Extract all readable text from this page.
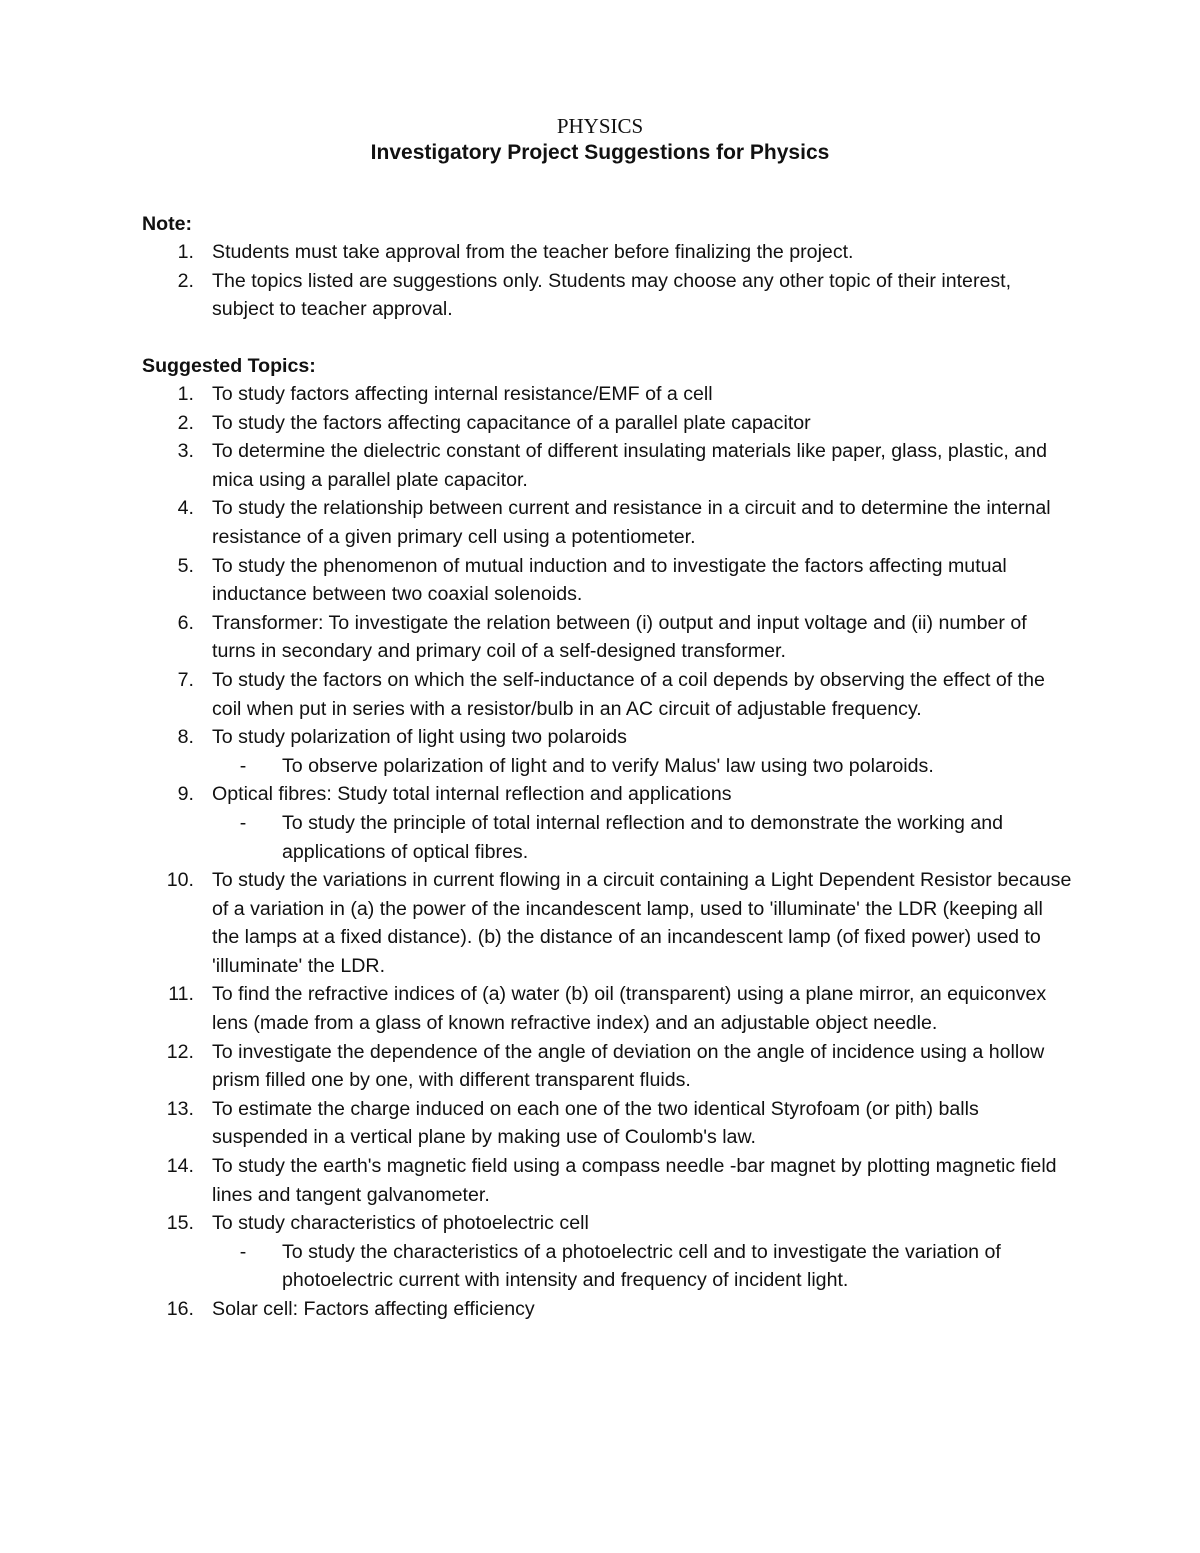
PHYSICS
Investigatory Project Suggestions for Physics
Note:
1. Students must take approval from the teacher before finalizing the project.
2. The topics listed are suggestions only. Students may choose any other topic of their interest, subject to teacher approval.
Suggested Topics:
1. To study factors affecting internal resistance/EMF of a cell
2. To study the factors affecting capacitance of a parallel plate capacitor
3. To determine the dielectric constant of different insulating materials like paper, glass, plastic, and mica using a parallel plate capacitor.
4. To study the relationship between current and resistance in a circuit and to determine the internal resistance of a given primary cell using a potentiometer.
5. To study the phenomenon of mutual induction and to investigate the factors affecting mutual inductance between two coaxial solenoids.
6. Transformer: To investigate the relation between (i) output and input voltage and (ii) number of turns in secondary and primary coil of a self-designed transformer.
7. To study the factors on which the self-inductance of a coil depends by observing the effect of the coil when put in series with a resistor/bulb in an AC circuit of adjustable frequency.
8. To study polarization of light using two polaroids
-	To observe polarization of light and to verify Malus' law using two polaroids.
9. Optical fibres: Study total internal reflection and applications
-	To study the principle of total internal reflection and to demonstrate the working and applications of optical fibres.
10. To study the variations in current flowing in a circuit containing a Light Dependent Resistor because of a variation in (a) the power of the incandescent lamp, used to 'illuminate' the LDR (keeping all the lamps at a fixed distance). (b) the distance of an incandescent lamp (of fixed power) used to 'illuminate' the LDR.
11. To find the refractive indices of (a) water (b) oil (transparent) using a plane mirror, an equiconvex lens (made from a glass of known refractive index) and an adjustable object needle.
12. To investigate the dependence of the angle of deviation on the angle of incidence using a hollow prism filled one by one, with different transparent fluids.
13. To estimate the charge induced on each one of the two identical Styrofoam (or pith) balls suspended in a vertical plane by making use of Coulomb's law.
14. To study the earth's magnetic field using a compass needle -bar magnet by plotting magnetic field lines and tangent galvanometer.
15. To study characteristics of photoelectric cell
-	To study the characteristics of a photoelectric cell and to investigate the variation of photoelectric current with intensity and frequency of incident light.
16. Solar cell: Factors affecting efficiency
